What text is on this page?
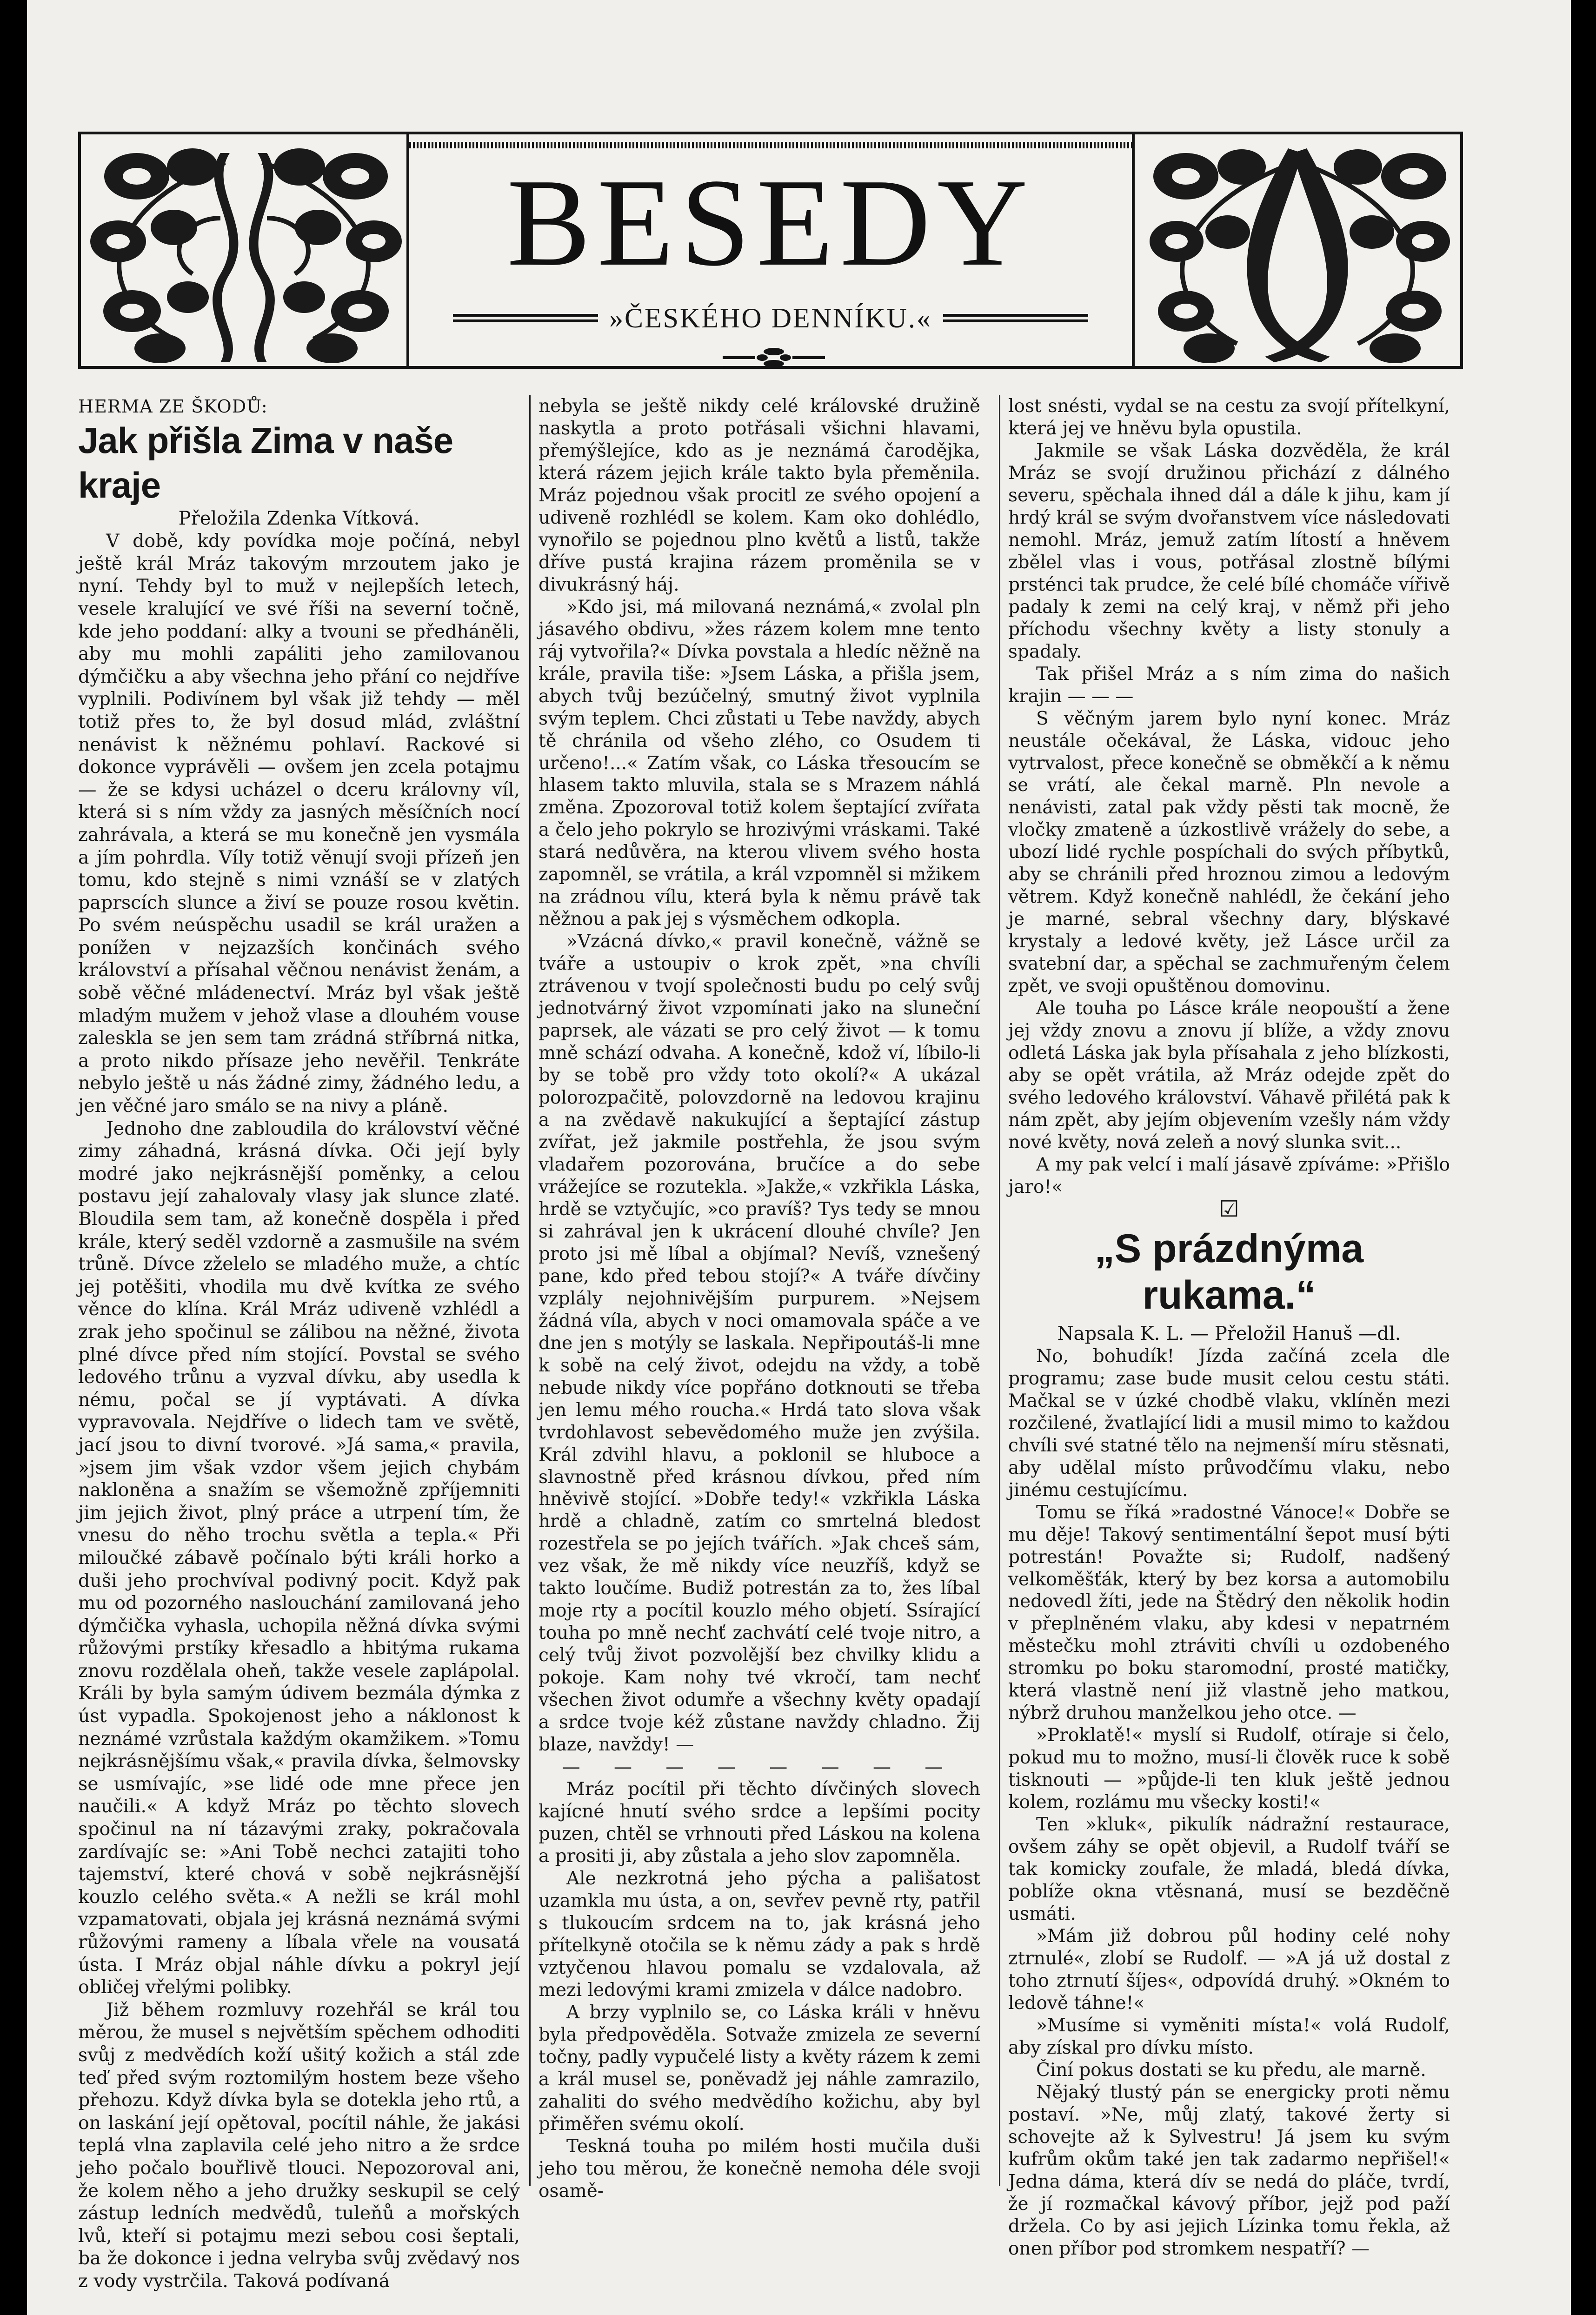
BESEDY
»ČESKÉHO DENNÍKU.«

HERMA ZE ŠKODŮ:

Jak přišla Zima v naše kraje

Přeložila Zdenka Vítková.

V době, kdy povídka moje počíná, nebyl ještě král Mráz takovým mrzoutem jako je nyní. Tehdy byl to muž v nejlepších letech, vesele kralující ve své říši na severní točně, kde jeho poddaní: alky a tvouni se předháněli, aby mu mohli zapáliti jeho zamilovanou dýmčičku a aby všechna jeho přání co nejdříve vyplnili. Podivínem byl však již tehdy — měl totiž přes to, že byl dosud mlád, zvláštní nenávist k něžnému pohlaví. Rackové si dokonce vyprávěli — ovšem jen zcela potajmu — že se kdysi ucházel o dceru královny víl, která si s ním vždy za jasných měsíčních nocí zahrávala, a která se mu konečně jen vysmála a jím pohrdla. Víly totiž věnují svoji přízeň jen tomu, kdo stejně s nimi vznáší se v zlatých paprscích slunce a živí se pouze rosou květin. Po svém neúspěchu usadil se král uražen a ponížen v nejzazších končinách svého království a přísahal věčnou nenávist ženám, a sobě věčné mládenectví. Mráz byl však ještě mladým mužem v jehož vlase a dlouhém vouse zaleskla se jen sem tam zrádná stříbrná nitka, a proto nikdo přísaze jeho nevěřil. Tenkráte nebylo ještě u nás žádné zimy, žádného ledu, a jen věčné jaro smálo se na nivy a pláně.

Jednoho dne zabloudila do království věčné zimy záhadná, krásná dívka. Oči její byly modré jako nejkrásnější poměnky, a celou postavu její zahalovaly vlasy jak slunce zlaté. Bloudila sem tam, až konečně dospěla i před krále, který seděl vzdorně a zasmušile na svém trůně. Dívce zželelo se mladého muže, a chtíc jej potěšiti, vhodila mu dvě kvítka ze svého věnce do klína. Král Mráz udiveně vzhlédl a zrak jeho spočinul se zálibou na něžné, života plné dívce před ním stojící. Povstal se svého ledového trůnu a vyzval dívku, aby usedla k nému, počal se jí vyptávati. A dívka vypravovala. Nejdříve o lidech tam ve světě, jací jsou to divní tvorové. »Já sama,« pravila, »jsem jim však vzdor všem jejich chybám nakloněna a snažím se všemožně zpříjemniti jim jejich život, plný práce a utrpení tím, že vnesu do něho trochu světla a tepla.« Při miloučké zábavě počínalo býti králi horko a duši jeho prochvíval podivný pocit. Když pak mu od pozorného naslouchání zamilovaná jeho dýmčička vyhasla, uchopila něžná dívka svými růžovými prstíky křesadlo a hbitýma rukama znovu rozdělala oheň, takže vesele zaplápolal. Králi by byla samým údivem bezmála dýmka z úst vypadla. Spokojenost jeho a náklonost k neznámé vzrůstala každým okamžikem. »Tomu nejkrásnějšímu však,« pravila dívka, šelmovsky se usmívajíc, »se lidé ode mne přece jen naučili.« A když Mráz po těchto slovech spočinul na ní tázavými zraky, pokračovala zardívajíc se: »Ani Tobě nechci zatajiti toho tajemství, které chová v sobě nejkrásnější kouzlo celého světa.« A nežli se král mohl vzpamatovati, objala jej krásná neznámá svými růžovými rameny a líbala vřele na vousatá ústa. I Mráz objal náhle dívku a pokryl její obličej vřelými polibky.

Již během rozmluvy rozehřál se král tou měrou, že musel s největším spěchem odhoditi svůj z medvědích koží ušitý kožich a stál zde teď před svým roztomilým hostem beze všeho přehozu. Když dívka byla se dotekla jeho rtů, a on laskání její opětoval, pocítil náhle, že jakási teplá vlna zaplavila celé jeho nitro a že srdce jeho počalo bouřlivě tlouci. Nepozoroval ani, že kolem něho a jeho družky seskupil se celý zástup ledních medvědů, tuleňů a mořských lvů, kteří si potajmu mezi sebou cosi šeptali, ba že dokonce i jedna velryba svůj zvědavý nos z vody vystrčila. Taková podívaná

nebyla se ještě nikdy celé královské družině naskytla a proto potřásali všichni hlavami, přemýšlejíce, kdo as je neznámá čarodějka, která rázem jejich krále takto byla přeměnila. Mráz pojednou však procitl ze svého opojení a udiveně rozhlédl se kolem. Kam oko dohlédlo, vynořilo se pojednou plno květů a listů, takže dříve pustá krajina rázem proměnila se v divukrásný háj.

»Kdo jsi, má milovaná neznámá,« zvolal pln jásavého obdivu, »žes rázem kolem mne tento ráj vytvořila?« Dívka povstala a hledíc něžně na krále, pravila tiše: »Jsem Láska, a přišla jsem, abych tvůj bezúčelný, smutný život vyplnila svým teplem. Chci zůstati u Tebe navždy, abych tě chránila od všeho zlého, co Osudem ti určeno!...« Zatím však, co Láska třesoucím se hlasem takto mluvila, stala se s Mrazem náhlá změna. Zpozoroval totiž kolem šeptající zvířata a čelo jeho pokrylo se hrozivými vráskami. Také stará nedůvěra, na kterou vlivem svého hosta zapomněl, se vrátila, a král vzpomněl si mžikem na zrádnou vílu, která byla k němu právě tak něžnou a pak jej s výsměchem odkopla.

»Vzácná dívko,« pravil konečně, vážně se tváře a ustoupiv o krok zpět, »na chvíli ztrávenou v tvojí společnosti budu po celý svůj jednotvárný život vzpomínati jako na sluneční paprsek, ale vázati se pro celý život — k tomu mně schází odvaha. A konečně, kdož ví, líbilo-li by se tobě pro vždy toto okolí?« A ukázal polorozpačitě, polovzdorně na ledovou krajinu a na zvědavě nakukující a šeptající zástup zvířat, jež jakmile postřehla, že jsou svým vladařem pozorována, bručíce a do sebe vrážejíce se rozutekla. »Jakže,« vzkřikla Láska, hrdě se vztyčujíc, »co pravíš? Tys tedy se mnou si zahrával jen k ukrácení dlouhé chvíle? Jen proto jsi mě líbal a objímal? Nevíš, vznešený pane, kdo před tebou stojí?« A tváře dívčiny vzplály nejohnivějším purpurem. »Nejsem žádná víla, abych v noci omamovala spáče a ve dne jen s motýly se laskala. Nepřipoutáš-li mne k sobě na celý život, odejdu na vždy, a tobě nebude nikdy více popřáno dotknouti se třeba jen lemu mého roucha.« Hrdá tato slova však tvrdohlavost sebevědomého muže jen zvýšila. Král zdvihl hlavu, a poklonil se hluboce a slavnostně před krásnou dívkou, před ním hněvivě stojící. »Dobře tedy!« vzkřikla Láska hrdě a chladně, zatím co smrtelná bledost rozestřela se po jejích tvářích. »Jak chceš sám, vez však, že mě nikdy více neuzříš, když se takto loučíme. Budiž potrestán za to, žes líbal moje rty a pocítil kouzlo mého objetí. Ssírající touha po mně nechť zachvátí celé tvoje nitro, a celý tvůj život pozvolější bez chvilky klidu a pokoje. Kam nohy tvé vkročí, tam nechť všechen život odumře a všechny květy opadají a srdce tvoje kéž zůstane navždy chladno. Žij blaze, navždy! —

— — — — — — — —

Mráz pocítil při těchto dívčiných slovech kajícné hnutí svého srdce a lepšími pocity puzen, chtěl se vrhnouti před Láskou na kolena a prositi ji, aby zůstala a jeho slov zapomněla.

Ale nezkrotná jeho pýcha a pališatost uzamkla mu ústa, a on, sevřev pevně rty, patřil s tlukoucím srdcem na to, jak krásná jeho přítelkyně otočila se k němu zády a pak s hrdě vztyčenou hlavou pomalu se vzdalovala, až mezi ledovými krami zmizela v dálce nadobro.

A brzy vyplnilo se, co Láska králi v hněvu byla předpověděla. Sotvaže zmizela ze severní točny, padly vypučelé listy a květy rázem k zemi a král musel se, poněvadž jej náhle zamrazilo, zahaliti do svého medvědího kožichu, aby byl přiměřen svému okolí.

Teskná touha po milém hosti mučila duši jeho tou měrou, že konečně nemoha déle svoji osamě-

lost snésti, vydal se na cestu za svojí přítelkyní, která jej ve hněvu byla opustila.

Jakmile se však Láska dozvěděla, že král Mráz se svojí družinou přichází z dálného severu, spěchala ihned dál a dále k jihu, kam jí hrdý král se svým dvořanstvem více následovati nemohl. Mráz, jemuž zatím lítostí a hněvem zbělel vlas i vous, potřásal zlostně bílými prsténci tak prudce, že celé bílé chomáče vířivě padaly k zemi na celý kraj, v němž při jeho příchodu všechny květy a listy stonuly a spadaly.

Tak přišel Mráz a s ním zima do našich krajin — — —

S věčným jarem bylo nyní konec. Mráz neustále očekával, že Láska, vidouc jeho vytrvalost, přece konečně se obměkčí a k němu se vrátí, ale čekal marně. Pln nevole a nenávisti, zatal pak vždy pěsti tak mocně, že vločky zmateně a úzkostlivě vrážely do sebe, a ubozí lidé rychle pospíchali do svých příbytků, aby se chránili před hroznou zimou a ledovým větrem. Když konečně nahlédl, že čekání jeho je marné, sebral všechny dary, blýskavé krystaly a ledové květy, jež Lásce určil za svatební dar, a spěchal se zachmuřeným čelem zpět, ve svoji opuštěnou domovinu.

Ale touha po Lásce krále neopouští a žene jej vždy znovu a znovu jí blíže, a vždy znovu odletá Láska jak byla přísahala z jeho blízkosti, aby se opět vrátila, až Mráz odejde zpět do svého ledového království. Váhavě přilétá pak k nám zpět, aby jejím objevením vzešly nám vždy nové květy, nová zeleň a nový slunka svit...

A my pak velcí i malí jásavě zpíváme: »Přišlo jaro!«

☑

„S prázdnýma rukama.“

Napsala K. L. — Přeložil Hanuš —dl.

No, bohudík! Jízda začíná zcela dle programu; zase bude musit celou cestu státi. Mačkal se v úzké chodbě vlaku, vklíněn mezi rozčilené, žvatlající lidi a musil mimo to každou chvíli své statné tělo na nejmenší míru stěsnati, aby udělal místo průvodčímu vlaku, nebo jinému cestujícímu.

Tomu se říká »radostné Vánoce!« Dobře se mu děje! Takový sentimentální šepot musí býti potrestán! Považte si; Rudolf, nadšený velkoměšťák, který by bez korsa a automobilu nedovedl žíti, jede na Štědrý den několik hodin v přeplněném vlaku, aby kdesi v nepatrném městečku mohl ztráviti chvíli u ozdobeného stromku po boku staromodní, prosté matičky, která vlastně není již vlastně jeho matkou, nýbrž druhou manželkou jeho otce. —

»Proklatě!« myslí si Rudolf, otíraje si čelo, pokud mu to možno, musí-li člověk ruce k sobě tisknouti — »půjde-li ten kluk ještě jednou kolem, rozlámu mu všecky kosti!«

Ten »kluk«, pikulík nádražní restaurace, ovšem záhy se opět objevil, a Rudolf tváří se tak komicky zoufale, že mladá, bledá dívka, poblíže okna vtěsnaná, musí se bezděčně usmáti.

»Mám již dobrou půl hodiny celé nohy ztrnulé«, zlobí se Rudolf. — »A já už dostal z toho ztrnutí šíjes«, odpovídá druhý. »Okném to ledově táhne!«

»Musíme si vyměniti místa!« volá Rudolf, aby získal pro dívku místo.

Činí pokus dostati se ku předu, ale marně.

Nějaký tlustý pán se energicky proti němu postaví. »Ne, můj zlatý, takové žerty si schovejte až k Sylvestru! Já jsem ku svým kufrům okům také jen tak zadarmo nepřišel!« Jedna dáma, která dív se nedá do pláče, tvrdí, že jí rozmačkal kávový příbor, jejž pod paží držela. Co by asi jejich Lízinka tomu řekla, až onen příbor pod stromkem nespatří? —
